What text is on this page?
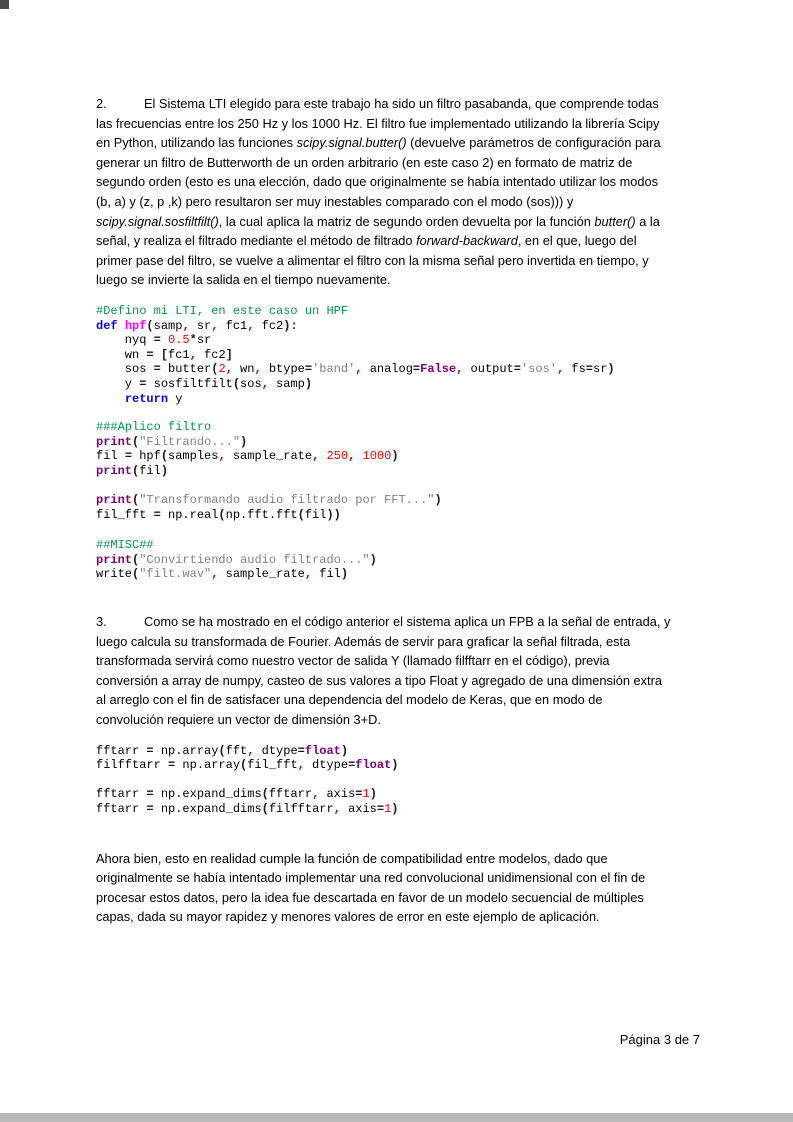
2.	El Sistema LTI elegido para este trabajo ha sido un filtro pasabanda, que comprende todas
las frecuencias entre los 250 Hz y los 1000 Hz. El filtro fue implementado utilizando la librería Scipy
en Python, utilizando las funciones scipy.signal.butter() (devuelve parámetros de configuración para
generar un filtro de Butterworth de un orden arbitrario (en este caso 2) en formato de matriz de
segundo orden (esto es una elección, dado que originalmente se había intentado utilizar los modos
(b, a) y (z, p ,k) pero resultaron ser muy inestables comparado con el modo (sos))) y
scipy.signal.sosfiltfilt(), la cual aplica la matriz de segundo orden devuelta por la función butter() a la
señal, y realiza el filtrado mediante el método de filtrado forward-backward, en el que, luego del
primer pase del filtro, se vuelve a alimentar el filtro con la misma señal pero invertida en tiempo, y
luego se invierte la salida en el tiempo nuevamente.
#Defino mi LTI, en este caso un HPF
def hpf(samp, sr, fc1, fc2):
nyq = 0.5*sr
wn = [fc1, fc2]
sos = butter(2, wn, btype='band', analog=False, output='sos', fs=sr)
y = sosfiltfilt(sos, samp)
return y
###Aplico filtro
print("Filtrando...")
fil = hpf(samples, sample_rate, 250, 1000)
print(fil)

print("Transformando audio filtrado por FFT...")
fil_fft = np.real(np.fft.fft(fil))
##MISC##
print("Convirtiendo audio filtrado...")
write("filt.wav", sample_rate, fil)
3.	Como se ha mostrado en el código anterior el sistema aplica un FPB a la señal de entrada, y
luego calcula su transformada de Fourier. Además de servir para graficar la señal filtrada, esta
transformada servirá como nuestro vector de salida Y (llamado filfftarr en el código), previa
conversión a array de numpy, casteo de sus valores a tipo Float y agregado de una dimensión extra
al arreglo con el fin de satisfacer una dependencia del modelo de Keras, que en modo de
convolución requiere un vector de dimensión 3+D.
fftarr = np.array(fft, dtype=float)
filfftarr = np.array(fil_fft, dtype=float)

fftarr = np.expand_dims(fftarr, axis=1)
fftarr = np.expand_dims(filfftarr, axis=1)
Ahora bien, esto en realidad cumple la función de compatibilidad entre modelos, dado que
originalmente se había intentado implementar una red convolucional unidimensional con el fin de
procesar estos datos, pero la idea fue descartada en favor de un modelo secuencial de múltiples
capas, dada su mayor rapidez y menores valores de error en este ejemplo de aplicación.
Página 3 de 7
